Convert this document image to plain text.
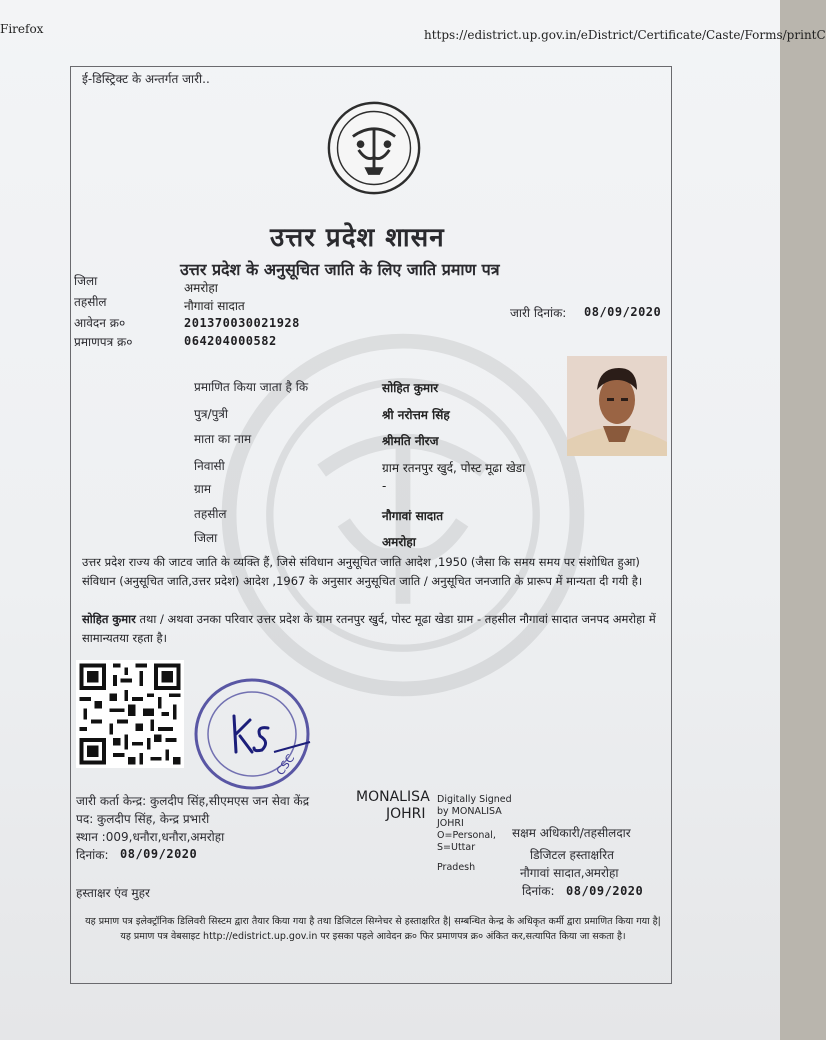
Firefox	https://edistrict.up.gov.in/eDistrict/Certificate/Caste/Forms/printC
ई-डिस्ट्रिक्ट के अन्तर्गत जारी..
उत्तर प्रदेश शासन
उत्तर प्रदेश के अनुसूचित जाति के लिए जाति प्रमाण पत्र
जिला	अमरोहा
तहसील	नौगावां सादात
आवेदन क्र०	201370030021928
प्रमाणपत्र क्र०	064204000582
जारी दिनांक: 08/09/2020
प्रमाणित किया जाता है कि	सोहित कुमार
पुत्र/पुत्री	श्री नरोत्तम सिंह
माता का नाम	श्रीमति नीरज
निवासी	ग्राम रतनपुर खुर्द, पोस्ट मूढा खेडा
ग्राम	-
तहसील	नौगावां सादात
जिला	अमरोहा
उत्तर प्रदेश राज्य की जाटव जाति के व्यक्ति हैं, जिसे संविधान अनुसूचित जाति आदेश ,1950 (जैसा कि समय समय पर संशोधित हुआ) संविधान (अनुसूचित जाति,उत्तर प्रदेश) आदेश ,1967 के अनुसार अनुसूचित जाति / अनुसूचित जनजाति के प्रारूप में मान्यता दी गयी है।
सोहित कुमार तथा / अथवा उनका परिवार उत्तर प्रदेश के ग्राम रतनपुर खुर्द, पोस्ट मूढा खेडा ग्राम - तहसील नौगावां सादात जनपद अमरोहा में सामान्यतया रहता है।
CSC
जारी कर्ता केन्द्र: कुलदीप सिंह,सीएमएस जन सेवा केंद्र
पद: कुलदीप सिंह, केन्द्र प्रभारी
स्थान :009,धनौरा,धनौरा,अमरोहा
दिनांक: 08/09/2020
हस्ताक्षर एंव मुहर
MONALISA
JOHRI
Digitally Signed
by MONALISA
JOHRI
O=Personal,
S=Uttar
Pradesh
सक्षम अधिकारी/तहसीलदार
डिजिटल हस्ताक्षरित
नौगावां सादात,अमरोहा
दिनांक: 08/09/2020
यह प्रमाण पत्र इलेक्ट्रॉनिक डिलिवरी सिस्टम द्वारा तैयार किया गया है तथा डिजिटल सिग्नेचर से हस्ताक्षरित है| सम्बन्धित केन्द्र के अधिकृत कर्मी द्वारा प्रमाणित किया गया है| यह प्रमाण पत्र वेबसाइट http://edistrict.up.gov.in पर इसका पहले आवेदन क्र० फिर प्रमाणपत्र क्र० अंकित कर,सत्यापित किया जा सकता है।
